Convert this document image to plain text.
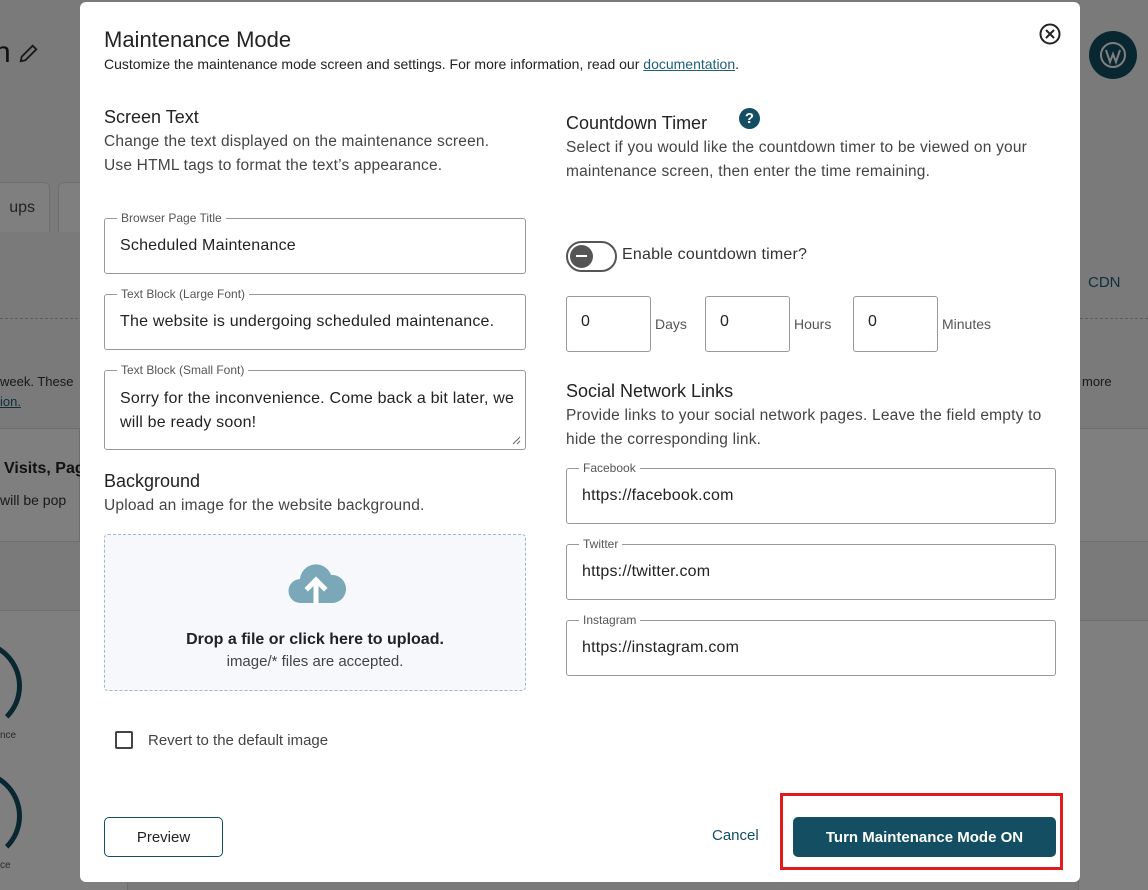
Maintenance Mode
Customize the maintenance mode screen and settings. For more information, read our documentation.
Screen Text
Change the text displayed on the maintenance screen. Use HTML tags to format the text’s appearance.
Browser Page Title
Scheduled Maintenance
Text Block (Large Font)
The website is undergoing scheduled maintenance.
Text Block (Small Font)
Sorry for the inconvenience. Come back a bit later, we will be ready soon!
Background
Upload an image for the website background.
Drop a file or click here to upload.
image/* files are accepted.
Revert to the default image
Countdown Timer	?
Select if you would like the countdown timer to be viewed on your maintenance screen, then enter the time remaining.
Enable countdown timer?
0
Days
0	Hours
0	Minutes
Social Network Links
Provide links to your social network pages. Leave the field empty to hide the corresponding link.
Facebook
https://facebook.com
Twitter
https://twitter.com
Instagram
https://instagram.com
Preview	Cancel	Turn Maintenance Mode ON
